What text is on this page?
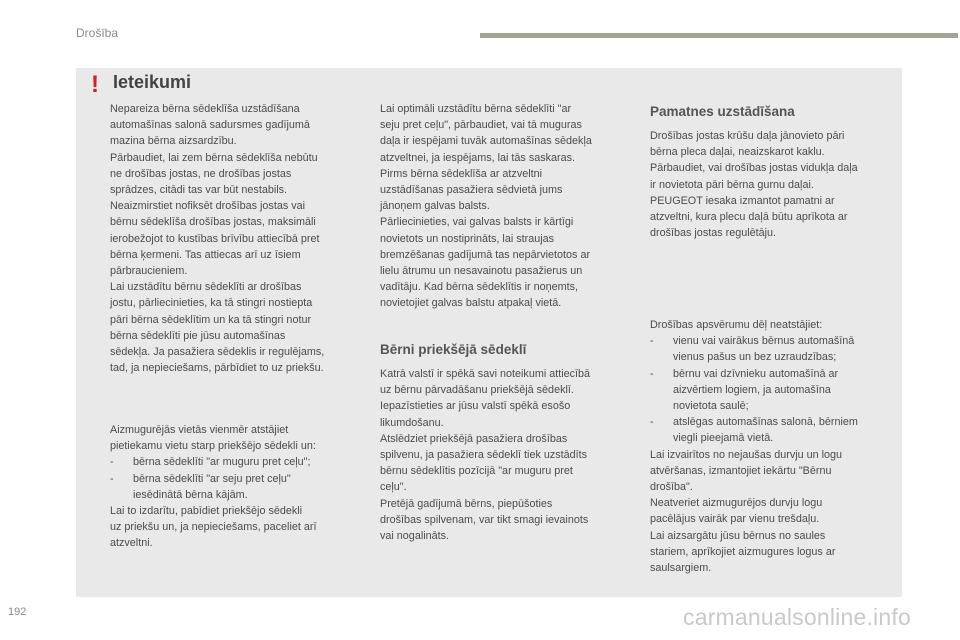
Drošība
! Ieteikumi

Nepareiza bērna sēdeklīša uzstādīšana

automašīnas salonā sadursmes gadījumā

mazina bērna aizsardzību.

Pārbaudiet, lai zem bērna sēdeklīša nebūtu

ne drošības jostas, ne drošības jostas

sprādzes, citādi tas var būt nestabils.

Neaizmirstiet nofiksēt drošības jostas vai

bērnu sēdeklīša drošības jostas, maksimāli

ierobežojot to kustības brīvību attiecībā pret

bērna ķermeni. Tas attiecas arī uz īsiem

pārbraucieniem.

Lai uzstādītu bērnu sēdeklīti ar drošības

jostu, pārliecinieties, ka tā stingri nostiepta

pāri bērna sēdeklītim un ka tā stingri notur

bērna sēdeklīti pie jūsu automašīnas

sēdekļa. Ja pasažiera sēdeklis ir regulējams,

tad, ja nepieciešams, pārbīdiet to uz priekšu.

Aizmugurējās vietās vienmēr atstājiet

pietiekamu vietu starp priekšējo sēdekli un:

- bērna sēdeklīti "ar muguru pret ceļu";

- bērna sēdeklīti "ar seju pret ceļu"

iesēdinātā bērna kājām.

Lai to izdarītu, pabīdiet priekšējo sēdekli

uz priekšu un, ja nepieciešams, paceliet arī

atzveltni.

Lai optimāli uzstādītu bērna sēdeklīti "ar

seju pret ceļu", pārbaudiet, vai tā muguras

daļa ir iespējami tuvāk automašīnas sēdekļa

atzveltnei, ja iespējams, lai tās saskaras.

Pirms bērna sēdeklīša ar atzveltni

uzstādīšanas pasažiera sēdvietā jums

jānoņem galvas balsts.

Pārliecinieties, vai galvas balsts ir kārtīgi

novietots un nostiprināts, lai straujas

bremzēšanas gadījumā tas nepārvietotos ar

lielu ātrumu un nesavainotu pasažierus un

vadītāju. Kad bērna sēdeklītis ir noņemts,

novietojiet galvas balstu atpakaļ vietā.

Bērni priekšējā sēdeklī

Katrā valstī ir spēkā savi noteikumi attiecībā

uz bērnu pārvadāšanu priekšējā sēdeklī.

Iepazīstieties ar jūsu valstī spēkā esošo

likumdošanu.

Atslēdziet priekšējā pasažiera drošības

spilvenu, ja pasažiera sēdeklī tiek uzstādīts

bērnu sēdeklītis pozīcijā "ar muguru pret

ceļu".

Pretējā gadījumā bērns, piepūšoties

drošības spilvenam, var tikt smagi ievainots

vai nogalināts.

Pamatnes uzstādīšana

Drošības jostas krūšu daļa jānovieto pāri

bērna pleca daļai, neaizskarot kaklu.

Pārbaudiet, vai drošības jostas vidukļa daļa

ir novietota pāri bērna gurnu daļai.

PEUGEOT iesaka izmantot pamatni ar

atzveltni, kura plecu daļā būtu aprīkota ar

drošības jostas regulētāju.

Drošības apsvērumu dēļ neatstājiet:

- vienu vai vairākus bērnus automašīnā

vienus pašus un bez uzraudzības;

- bērnu vai dzīvnieku automašīnā ar

aizvērtiem logiem, ja automašīna

novietota saulē;

- atslēgas automašīnas salonā, bērniem

viegli pieejamā vietā.

Lai izvairītos no nejaušas durvju un logu

atvēršanas, izmantojiet iekārtu "Bērnu

drošība".

Neatveriet aizmugurējos durvju logu

pacēlājus vairāk par vienu trešdaļu.

Lai aizsargātu jūsu bērnus no saules

stariem, aprīkojiet aizmugures logus ar

saulsargiem.

192	carmanualsonline.info
